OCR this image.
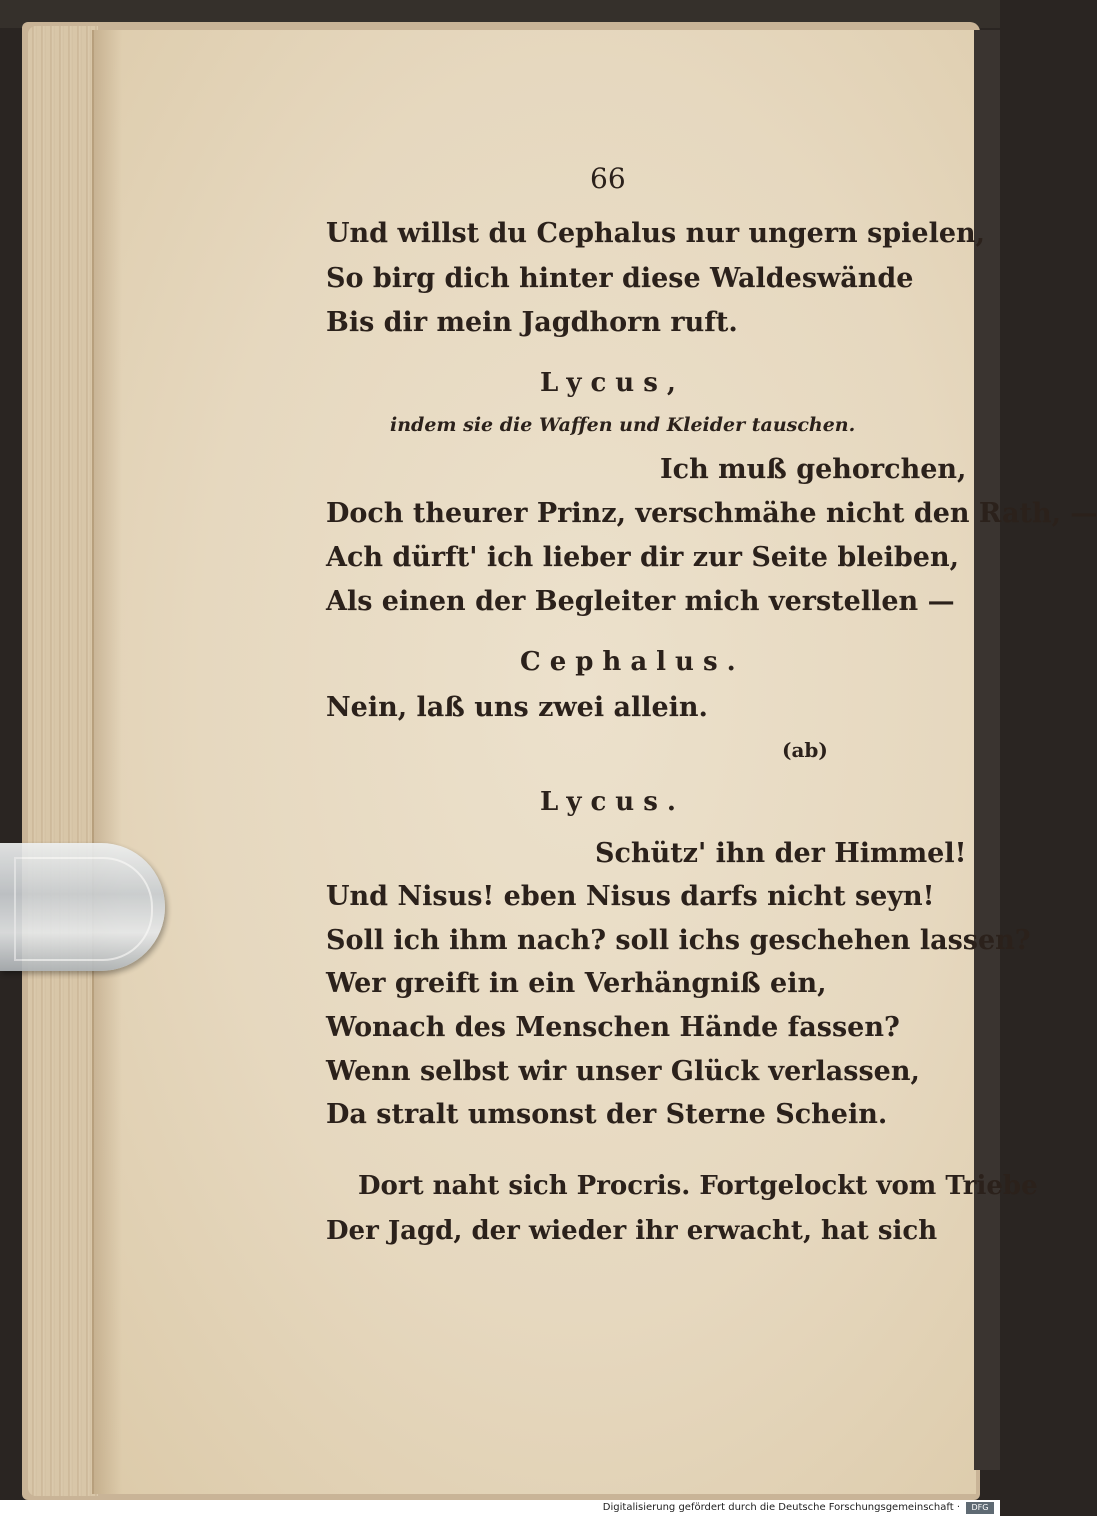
66
Und willst du Cephalus nur ungern spielen,
So birg dich hinter diese Waldeswände
Bis dir mein Jagdhorn ruft.
Lycus,
indem sie die Waffen und Kleider tauschen.
Ich muß gehorchen,
Doch theurer Prinz, verschmähe nicht den Rath, —
Ach dürft' ich lieber dir zur Seite bleiben,
Als einen der Begleiter mich verstellen —
Cephalus.
Nein, laß uns zwei allein.
(ab)
Lycus.
Schütz' ihn der Himmel!
Und Nisus! eben Nisus darfs nicht seyn!
Soll ich ihm nach? soll ichs geschehen lassen?
Wer greift in ein Verhängniß ein,
Wonach des Menschen Hände fassen?
Wenn selbst wir unser Glück verlassen,
Da stralt umsonst der Sterne Schein.
Dort naht sich Procris. Fortgelockt vom Triebe
Der Jagd, der wieder ihr erwacht, hat sich
Digitalisierung gefördert durch die Deutsche Forschungsgemeinschaft ·	DFG
